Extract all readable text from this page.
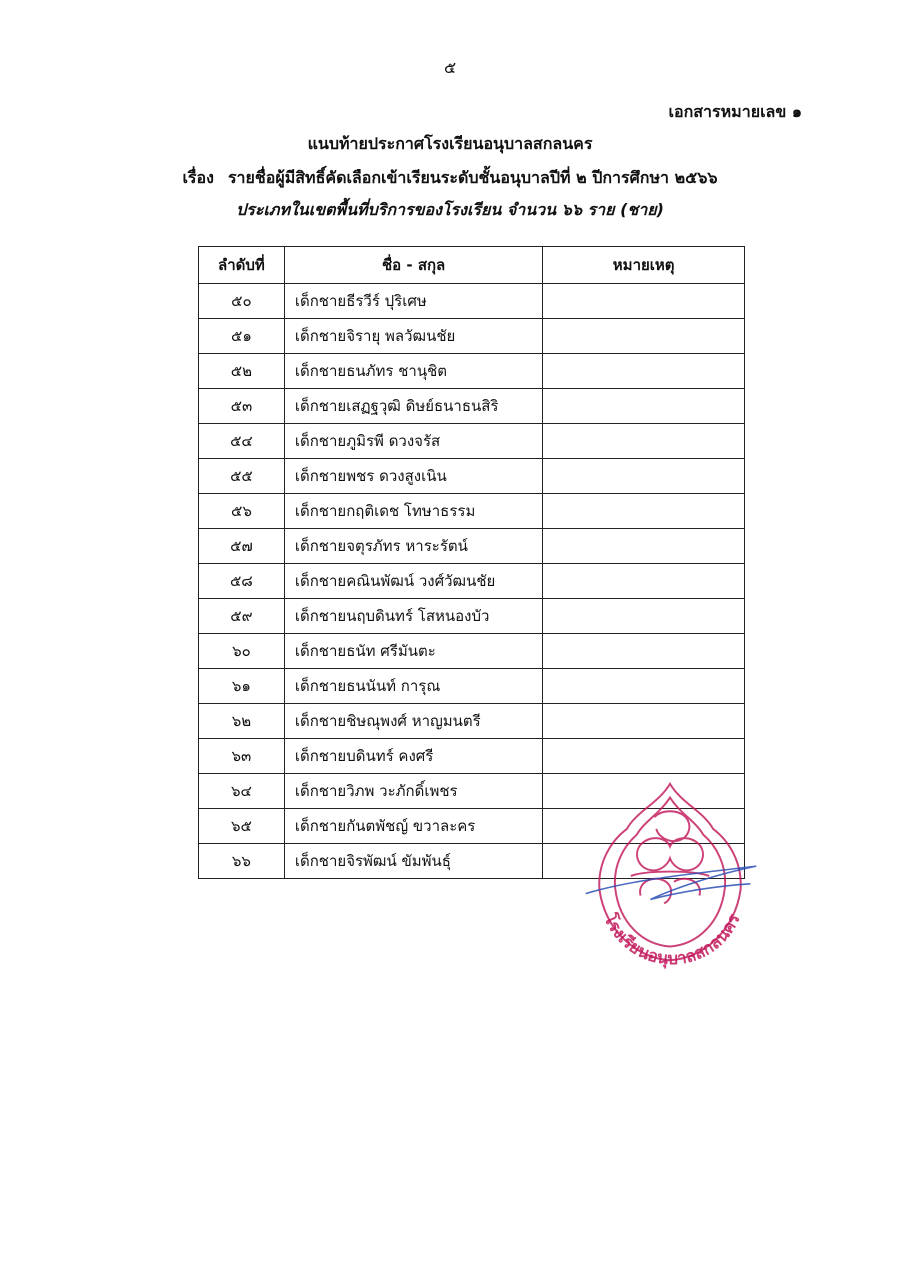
๕
เอกสารหมายเลข ๑
แนบท้ายประกาศโรงเรียนอนุบาลสกลนคร
เรื่อง รายชื่อผู้มีสิทธิ์คัดเลือกเข้าเรียนระดับชั้นอนุบาลปีที่ ๒ ปีการศึกษา ๒๕๖๖
ประเภทในเขตพื้นที่บริการของโรงเรียน จำนวน ๖๖ ราย (ชาย)
ลำดับที่	ชื่อ - สกุล	หมายเหตุ
๕๐	เด็กชายธีรวีร์ ปุริเศษ	
๕๑	เด็กชายจิรายุ พลวัฒนชัย	
๕๒	เด็กชายธนภัทร ชานุชิต	
๕๓	เด็กชายเสฏฐวุฒิ ดิษย์ธนาธนสิริ	
๕๔	เด็กชายภูมิรพี ดวงจรัส	
๕๕	เด็กชายพชร ดวงสูงเนิน	
๕๖	เด็กชายกฤติเดช โทษาธรรม	
๕๗	เด็กชายจตุรภัทร หาระรัตน์	
๕๘	เด็กชายคณินพัฒน์ วงศ์วัฒนชัย	
๕๙	เด็กชายนฤบดินทร์ โสหนองบัว	
๖๐	เด็กชายธนัท ศรีมันตะ	
๖๑	เด็กชายธนนันท์ การุณ	
๖๒	เด็กชายชิษณุพงศ์ หาญมนตรี	
๖๓	เด็กชายบดินทร์ คงศรี	
๖๔	เด็กชายวิภพ วะภักดิ์เพชร	
๖๕	เด็กชายกันตพัชญ์ ขวาละคร	
๖๖	เด็กชายจิรพัฒน์ ขัมพันธุ์	
โรงเรียนอนุบาลสกลนคร
